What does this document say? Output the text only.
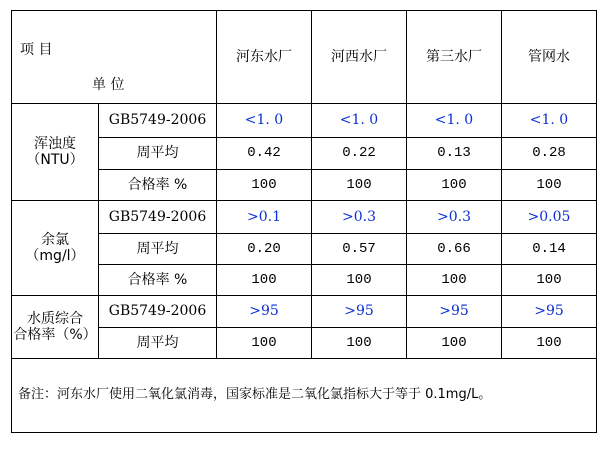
项 目
单 位		河东水厂	河西水厂	第三水厂	管网水
浑浊度
（NTU）	GB5749-2006	<1. 0	<1. 0	<1. 0	<1. 0
	周平均	0.42	0.22	0.13	0.28
	合格率 %	100	100	100	100
余氯
（mg/l）	GB5749-2006	>0.1	>0.3	>0.3	>0.05
	周平均	0.20	0.57	0.66	0.14
	合格率 %	100	100	100	100
水质综合
合格率（%）	GB5749-2006	>95	>95	>95	>95
	周平均	100	100	100	100
备注：河东水厂使用二氧化氯消毒，国家标准是二氧化氯指标大于等于 0.1mg/L。					
